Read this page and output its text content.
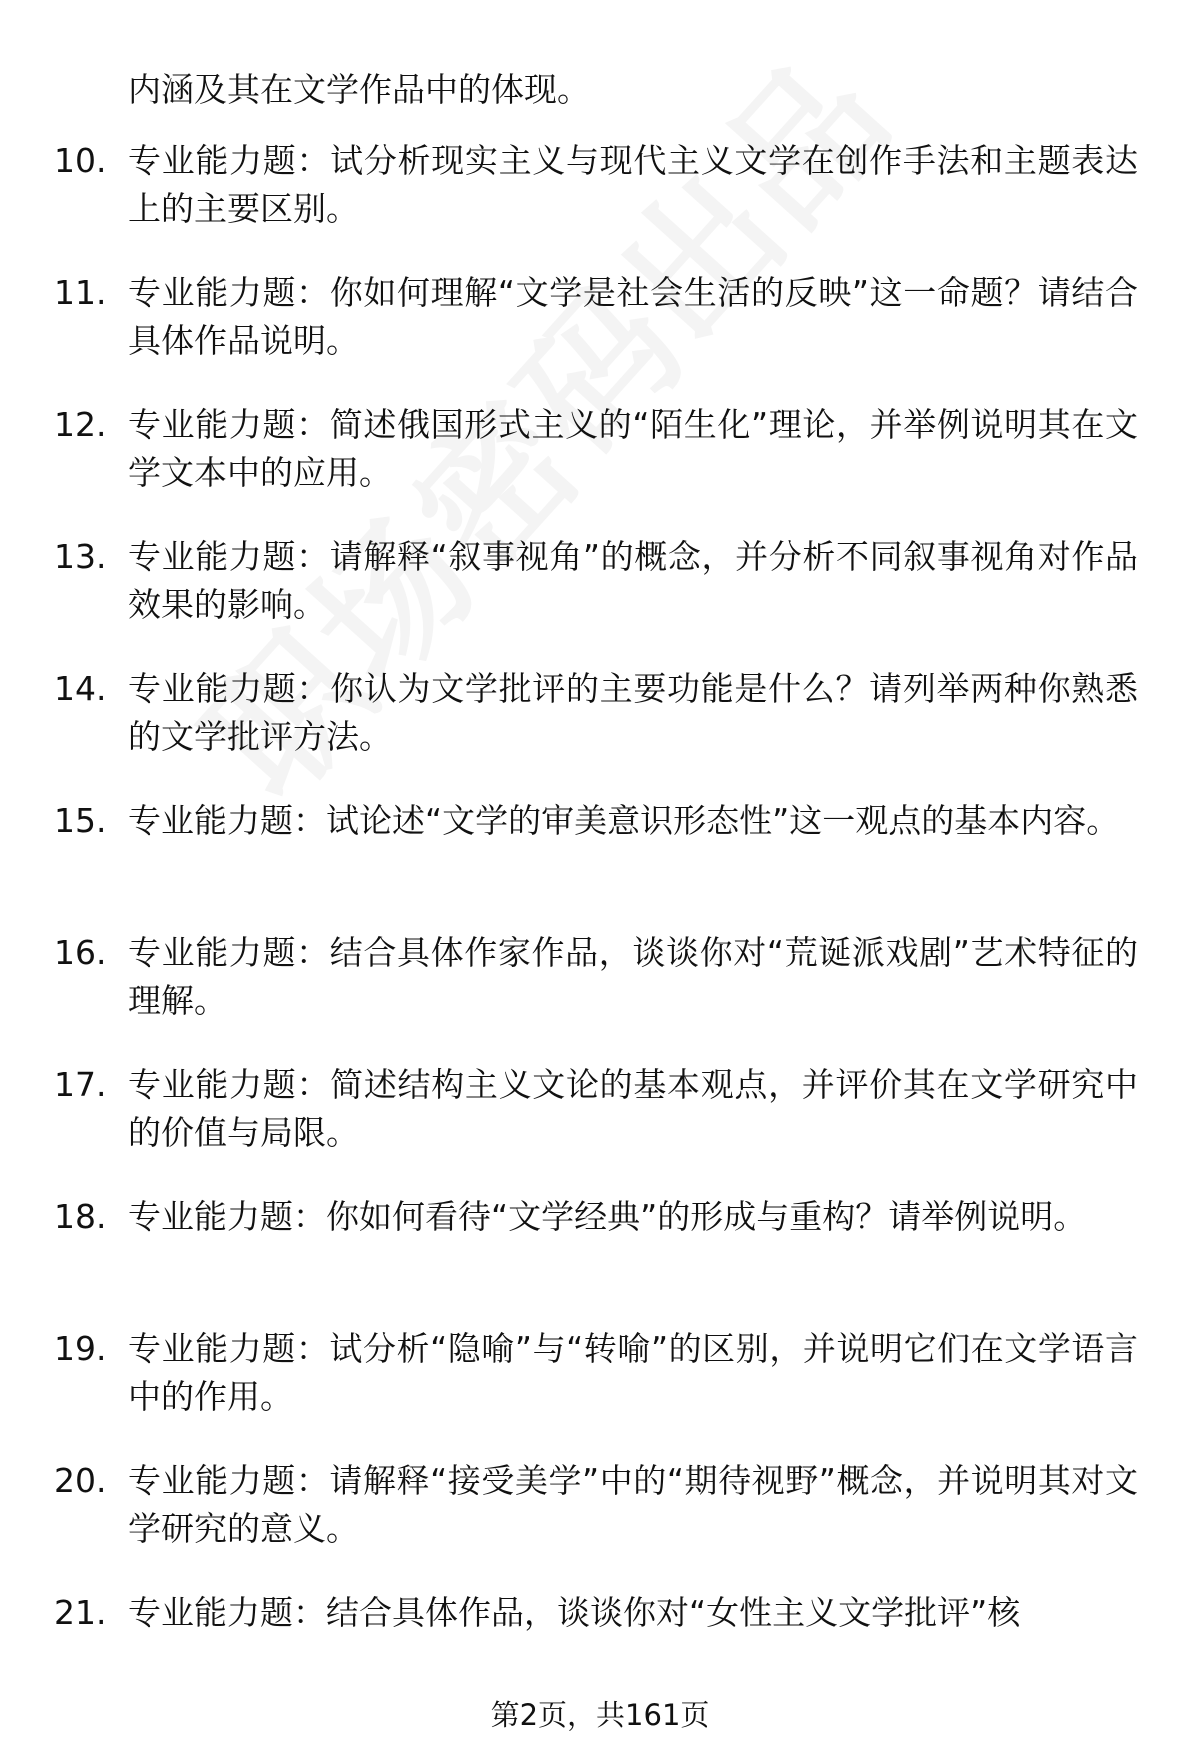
内涵及其在文学作品中的体现。
10. 专业能力题：试分析现实主义与现代主义文学在创作手法和主题表达上的主要区别。
11. 专业能力题：你如何理解“文学是社会生活的反映”这一命题？请结合具体作品说明。
12. 专业能力题：简述俄国形式主义的“陌生化”理论，并举例说明其在文学文本中的应用。
13. 专业能力题：请解释“叙事视角”的概念，并分析不同叙事视角对作品效果的影响。
14. 专业能力题：你认为文学批评的主要功能是什么？请列举两种你熟悉的文学批评方法。
15. 专业能力题：试论述“文学的审美意识形态性”这一观点的基本内容。
16. 专业能力题：结合具体作家作品，谈谈你对“荒诞派戏剧”艺术特征的理解。
17. 专业能力题：简述结构主义文论的基本观点，并评价其在文学研究中的价值与局限。
18. 专业能力题：你如何看待“文学经典”的形成与重构？请举例说明。
19. 专业能力题：试分析“隐喻”与“转喻”的区别，并说明它们在文学语言中的作用。
20. 专业能力题：请解释“接受美学”中的“期待视野”概念，并说明其对文学研究的意义。
21. 专业能力题：结合具体作品，谈谈你对“女性主义文学批评”核
第2页，共161页
